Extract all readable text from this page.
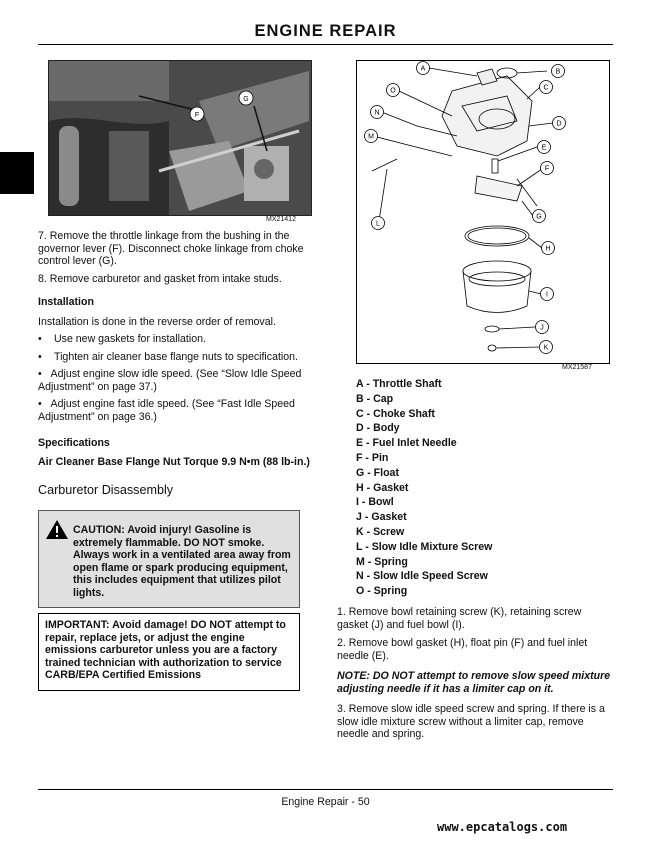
ENGINE REPAIR
F
G
MX21412

7. Remove the throttle linkage from the bushing in the governor lever (F). Disconnect choke linkage from choke control lever (G).

8. Remove carburetor and gasket from intake studs.

Installation

Installation is done in the reverse order of removal.

• Use new gaskets for installation.
• Tighten air cleaner base flange nuts to specification.
•   Adjust engine slow idle speed. (See “Slow Idle Speed Adjustment” on page 37.)
•   Adjust engine fast idle speed. (See “Fast Idle Speed Adjustment” on page 36.)

Specifications

Air Cleaner Base Flange Nut Torque 9.9 N•m (88 lb-in.)

Carburetor Disassembly

CAUTION: Avoid injury! Gasoline is extremely flammable. DO NOT smoke. Always work in a ventilated area away from open flame or spark producing equipment, this includes equipment that utilizes pilot lights.

IMPORTANT: Avoid damage! DO NOT attempt to repair, replace jets, or adjust the engine emissions carburetor unless you are a factory trained technician with authorization to service CARB/EPA Certified Emissions

A	B
C
D
E
F
G
H
I
J
K
L
M
N
O
MX21587
A - Throttle Shaft
B - Cap
C - Choke Shaft
D - Body
E - Fuel Inlet Needle
F - Pin
G - Float
H - Gasket
I - Bowl
J - Gasket
K - Screw
L - Slow Idle Mixture Screw
M - Spring
N - Slow Idle Speed Screw
O - Spring

1. Remove bowl retaining screw (K), retaining screw gasket (J) and fuel bowl (I).

2. Remove bowl gasket (H), float pin (F) and fuel inlet needle (E).

NOTE: DO NOT attempt to remove slow speed mixture adjusting needle if it has a limiter cap on it.

3. Remove slow idle speed screw and spring. If there is a slow idle mixture screw without a limiter cap, remove needle and spring.

Engine Repair - 50
www.epcatalogs.com
